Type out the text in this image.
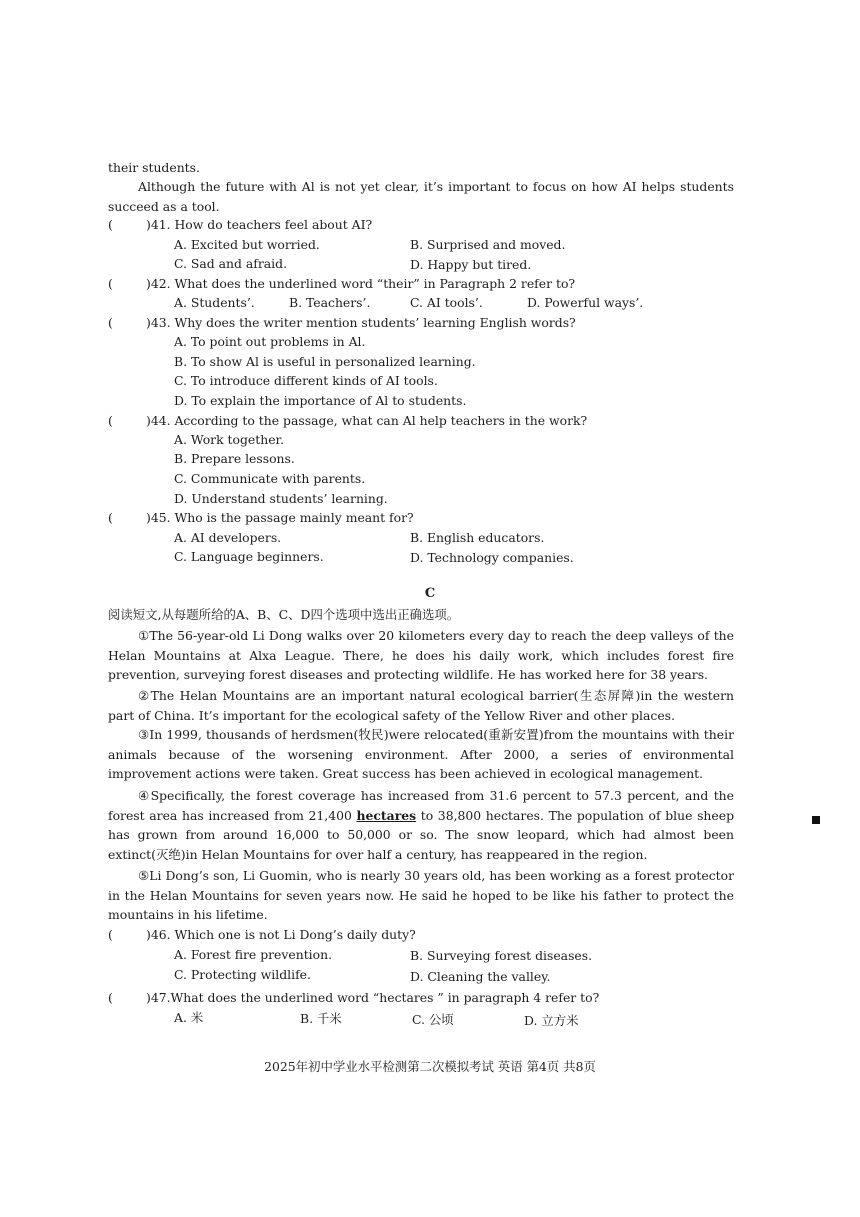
their students.
Although the future with Al is not yet clear, it’s important to focus on how AI helps students succeed as a tool.
(	)41. How do teachers feel about AI?
A. Excited but worried.	B. Surprised and moved.
C. Sad and afraid.	D. Happy but tired.
(	)42. What does the underlined word “their” in Paragraph 2 refer to?
A. Students’.	B. Teachers’.	C. AI tools’.	D. Powerful ways’.
(	)43. Why does the writer mention students’ learning English words?
A. To point out problems in Al.
B. To show Al is useful in personalized learning.
C. To introduce different kinds of AI tools.
D. To explain the importance of Al to students.
(	)44. According to the passage, what can Al help teachers in the work?
A. Work together.
B. Prepare lessons.
C. Communicate with parents.
D. Understand students’ learning.
(	)45. Who is the passage mainly meant for?
A. AI developers.	B. English educators.
C. Language beginners.	D. Technology companies.
C
阅读短文,从每题所给的A、B、C、D四个选项中选出正确选项。
①The 56-year-old Li Dong walks over 20 kilometers every day to reach the deep valleys of the Helan Mountains at Alxa League. There, he does his daily work, which includes forest fire prevention, surveying forest diseases and protecting wildlife. He has worked here for 38 years.
②The Helan Mountains are an important natural ecological barrier(生态屏障)in the western part of China. It’s important for the ecological safety of the Yellow River and other places.
③In 1999, thousands of herdsmen(牧民)were relocated(重新安置)from the mountains with their animals because of the worsening environment. After 2000, a series of environmental improvement actions were taken. Great success has been achieved in ecological management.
④Specifically, the forest coverage has increased from 31.6 percent to 57.3 percent, and the forest area has increased from 21,400 hectares to 38,800 hectares. The population of blue sheep has grown from around 16,000 to 50,000 or so. The snow leopard, which had almost been extinct(灭绝)in Helan Mountains for over half a century, has reappeared in the region.
⑤Li Dong’s son, Li Guomin, who is nearly 30 years old, has been working as a forest protector in the Helan Mountains for seven years now. He said he hoped to be like his father to protect the mountains in his lifetime.
(	)46. Which one is not Li Dong’s daily duty?
A. Forest fire prevention.	B. Surveying forest diseases.
C. Protecting wildlife.	D. Cleaning the valley.
(	)47.What does the underlined word “hectares ” in paragraph 4 refer to?
A. 米	B. 千米	C. 公顷	D. 立方米
2025年初中学业水平检测第二次模拟考试 英语 第4页 共8页
